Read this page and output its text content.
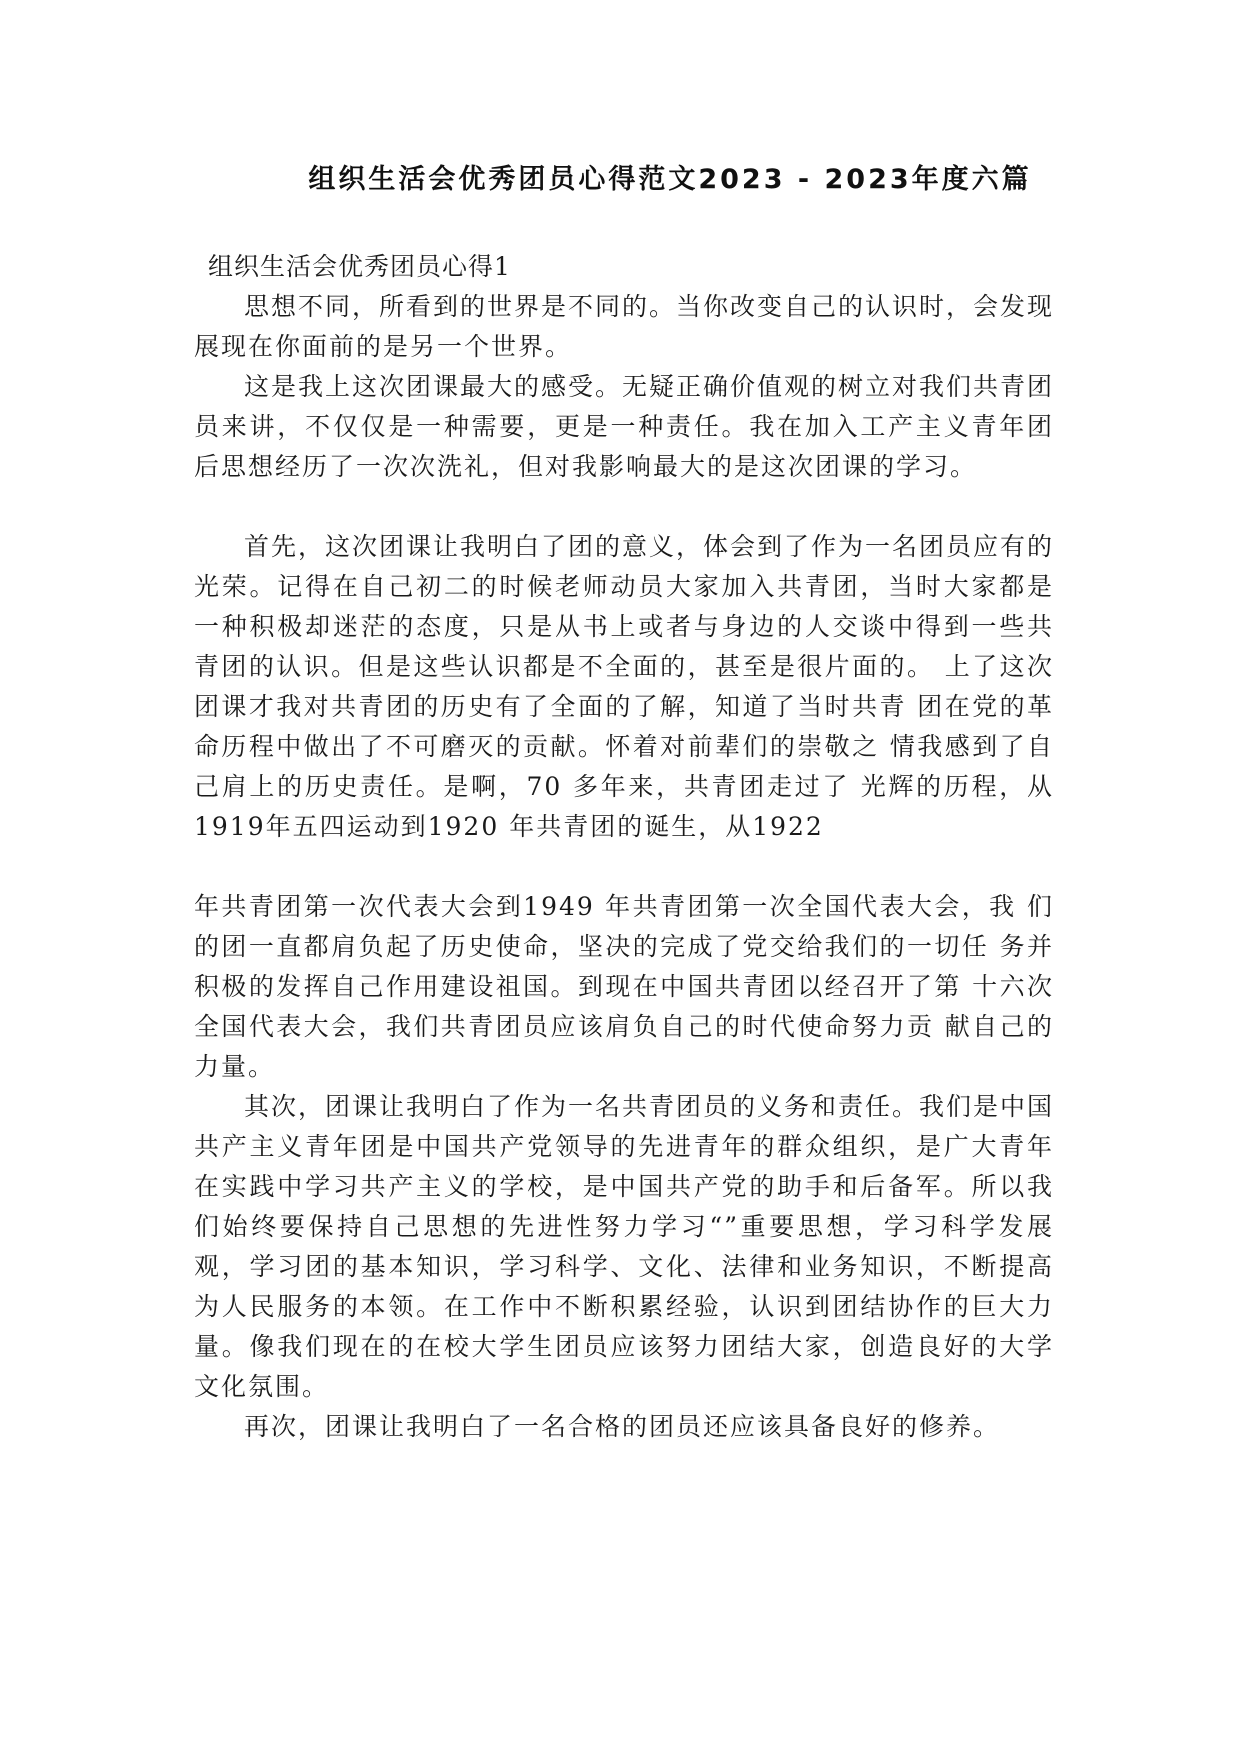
组织生活会优秀团员心得范文2023 - 2023年度六篇
组织生活会优秀团员心得1

思想不同，所看到的世界是不同的。当你改变自己的认识时，会发现展现在你面前的是另一个世界。

这是我上这次团课最大的感受。无疑正确价值观的树立对我们共青团员来讲，不仅仅是一种需要，更是一种责任。我在加入工产主义青年团后思想经历了一次次洗礼，但对我影响最大的是这次团课的学习。

首先，这次团课让我明白了团的意义，体会到了作为一名团员应有的光荣。记得在自己初二的时候老师动员大家加入共青团，当时大家都是一种积极却迷茫的态度，只是从书上或者与身边的人交谈中得到一些共青团的认识。但是这些认识都是不全面的，甚至是很片面的。 上了这次团课才我对共青团的历史有了全面的了解，知道了当时共青 团在党的革命历程中做出了不可磨灭的贡献。怀着对前辈们的崇敬之 情我感到了自己肩上的历史责任。是啊，70 多年来，共青团走过了 光辉的历程，从1919年五四运动到1920 年共青团的诞生，从1922

年共青团第一次代表大会到1949 年共青团第一次全国代表大会，我 们的团一直都肩负起了历史使命，坚决的完成了党交给我们的一切任 务并积极的发挥自己作用建设祖国。到现在中国共青团以经召开了第 十六次全国代表大会，我们共青团员应该肩负自己的时代使命努力贡 献自己的力量。

其次，团课让我明白了作为一名共青团员的义务和责任。我们是中国共产主义青年团是中国共产党领导的先进青年的群众组织，是广大青年在实践中学习共产主义的学校，是中国共产党的助手和后备军。所以我们始终要保持自己思想的先进性努力学习“”重要思想，学习科学发展观，学习团的基本知识，学习科学、文化、法律和业务知识，不断提高为人民服务的本领。在工作中不断积累经验，认识到团结协作的巨大力量。像我们现在的在校大学生团员应该努力团结大家，创造良好的大学文化氛围。

再次，团课让我明白了一名合格的团员还应该具备良好的修养。
